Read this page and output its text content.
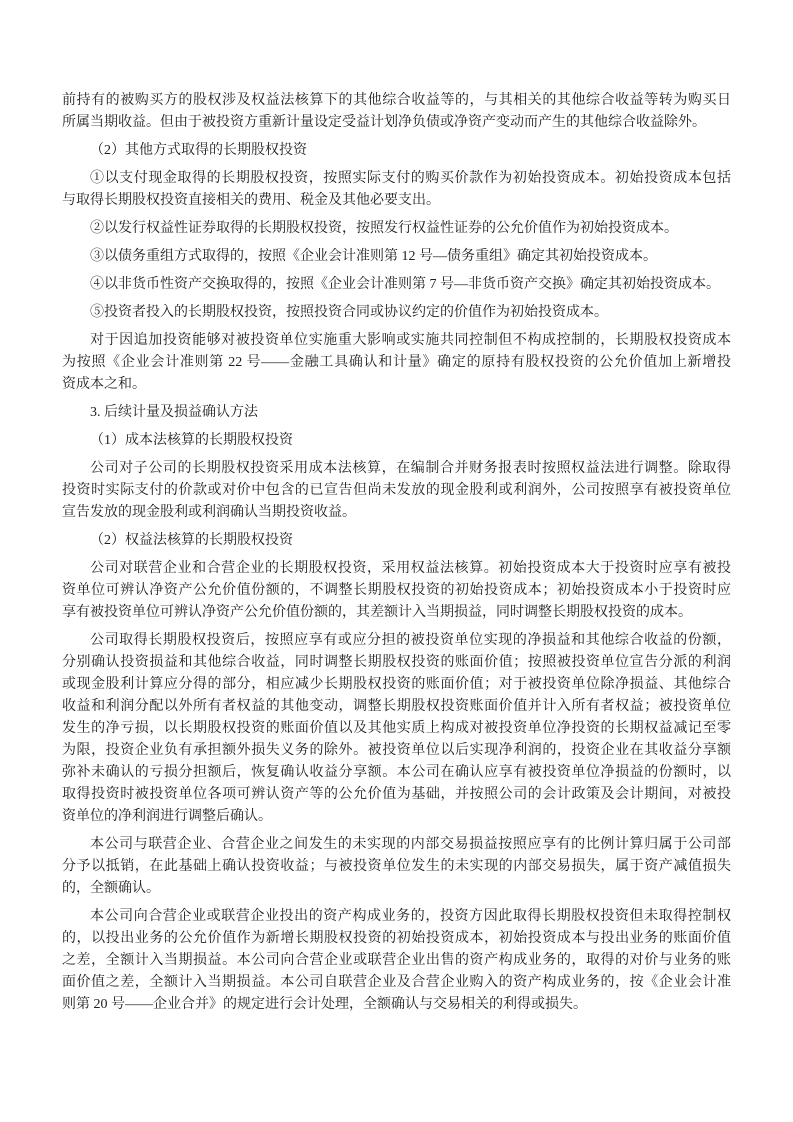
前持有的被购买方的股权涉及权益法核算下的其他综合收益等的，与其相关的其他综合收益等转为购买日
所属当期收益。但由于被投资方重新计量设定受益计划净负债或净资产变动而产生的其他综合收益除外。

（2）其他方式取得的长期股权投资

①以支付现金取得的长期股权投资，按照实际支付的购买价款作为初始投资成本。初始投资成本包括
与取得长期股权投资直接相关的费用、税金及其他必要支出。

②以发行权益性证券取得的长期股权投资，按照发行权益性证券的公允价值作为初始投资成本。

③以债务重组方式取得的，按照《企业会计准则第 12 号—债务重组》确定其初始投资成本。

④以非货币性资产交换取得的，按照《企业会计准则第 7 号—非货币资产交换》确定其初始投资成本。

⑤投资者投入的长期股权投资，按照投资合同或协议约定的价值作为初始投资成本。

对于因追加投资能够对被投资单位实施重大影响或实施共同控制但不构成控制的，长期股权投资成本
为按照《企业会计准则第 22 号——金融工具确认和计量》确定的原持有股权投资的公允价值加上新增投
资成本之和。

3. 后续计量及损益确认方法

（1）成本法核算的长期股权投资

公司对子公司的长期股权投资采用成本法核算，在编制合并财务报表时按照权益法进行调整。除取得
投资时实际支付的价款或对价中包含的已宣告但尚未发放的现金股利或利润外，公司按照享有被投资单位
宣告发放的现金股利或利润确认当期投资收益。

（2）权益法核算的长期股权投资

公司对联营企业和合营企业的长期股权投资，采用权益法核算。初始投资成本大于投资时应享有被投
资单位可辨认净资产公允价值份额的，不调整长期股权投资的初始投资成本；初始投资成本小于投资时应
享有被投资单位可辨认净资产公允价值份额的，其差额计入当期损益，同时调整长期股权投资的成本。

公司取得长期股权投资后，按照应享有或应分担的被投资单位实现的净损益和其他综合收益的份额，
分别确认投资损益和其他综合收益，同时调整长期股权投资的账面价值；按照被投资单位宣告分派的利润
或现金股利计算应分得的部分，相应减少长期股权投资的账面价值；对于被投资单位除净损益、其他综合
收益和利润分配以外所有者权益的其他变动，调整长期股权投资账面价值并计入所有者权益；被投资单位
发生的净亏损，以长期股权投资的账面价值以及其他实质上构成对被投资单位净投资的长期权益减记至零
为限，投资企业负有承担额外损失义务的除外。被投资单位以后实现净利润的，投资企业在其收益分享额
弥补未确认的亏损分担额后，恢复确认收益分享额。本公司在确认应享有被投资单位净损益的份额时，以
取得投资时被投资单位各项可辨认资产等的公允价值为基础，并按照公司的会计政策及会计期间，对被投
资单位的净利润进行调整后确认。

本公司与联营企业、合营企业之间发生的未实现的内部交易损益按照应享有的比例计算归属于公司部
分予以抵销，在此基础上确认投资收益；与被投资单位发生的未实现的内部交易损失，属于资产减值损失
的，全额确认。

本公司向合营企业或联营企业投出的资产构成业务的，投资方因此取得长期股权投资但未取得控制权
的，以投出业务的公允价值作为新增长期股权投资的初始投资成本，初始投资成本与投出业务的账面价值
之差，全额计入当期损益。本公司向合营企业或联营企业出售的资产构成业务的，取得的对价与业务的账
面价值之差，全额计入当期损益。本公司自联营企业及合营企业购入的资产构成业务的，按《企业会计准
则第 20 号——企业合并》的规定进行会计处理，全额确认与交易相关的利得或损失。
